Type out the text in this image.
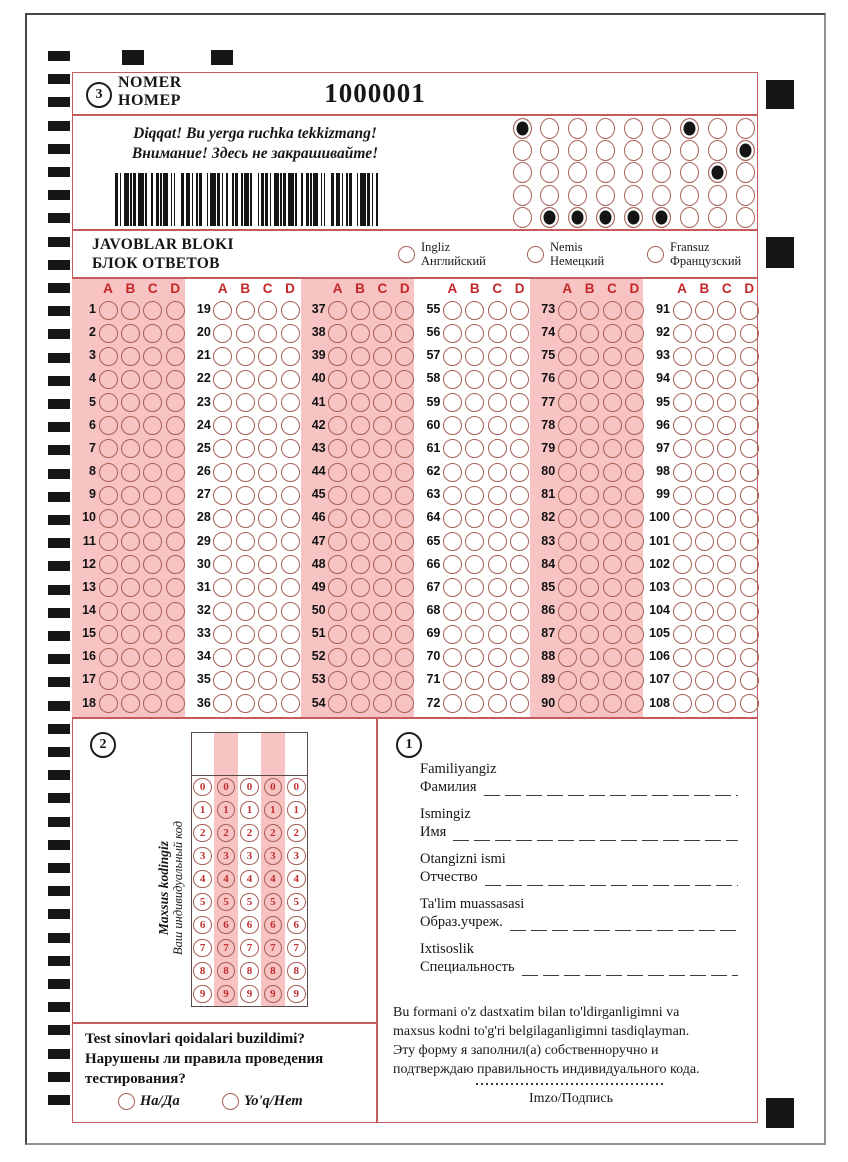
3
NOMER
НОМЕР	1000001
Diqqat! Bu yerga ruchka tekkizmang!
Внимание! Здесь не закрашивайте!
JAVOBLAR BLOKI
БЛОК ОТВЕТОВ
Ingliz
Английский
Nemis
Немецкий
Fransuz
Французский
A B C D
1
2
3
4
5
6
7
8
9
10
11
12
13
14
15
16
17
18
A B C D
19
20
21
22
23
24
25
26
27
28
29
30
31
32
33
34
35
36
A B C D
37
38
39
40
41
42
43
44
45
46
47
48
49
50
51
52
53
54
A B C D
55
56
57
58
59
60
61
62
63
64
65
66
67
68
69
70
71
72
A B C D
73
74
75
76
77
78
79
80
81
82
83
84
85
86
87
88
89
90
A B C D
91
92
93
94
95
96
97
98
99
100
101
102
103
104
105
106
107
108
2
Maxsus kodingiz Ваш индивидуальный код
0
1
2
3
4
5
6
7
8
9
0
1
2
3
4
5
6
7
8
9
0
1
2
3
4
5
6
7
8
9
0
1
2
3
4
5
6
7
8
9
0
1
2
3
4
5
6
7
8
9
Test sinovlari qoidalari buzildimi?
Нарушены ли правила проведения
тестирования?
Ha/Да	Yo'q/Нет
1
Familiyangiz
Фамилия
Ismingiz
Имя
Otangizni ismi
Отчество
Ta'lim muassasasi
Образ.учреж.
Ixtisoslik
Специальность
Bu formani o'z dastxatim bilan to'ldirganligimni va
maxsus kodni to'g'ri belgilaganligimni tasdiqlayman.
Эту форму я заполнил(а) собственноручно и
подтверждаю правильность индивидуального кода.
Imzo/Подпись
